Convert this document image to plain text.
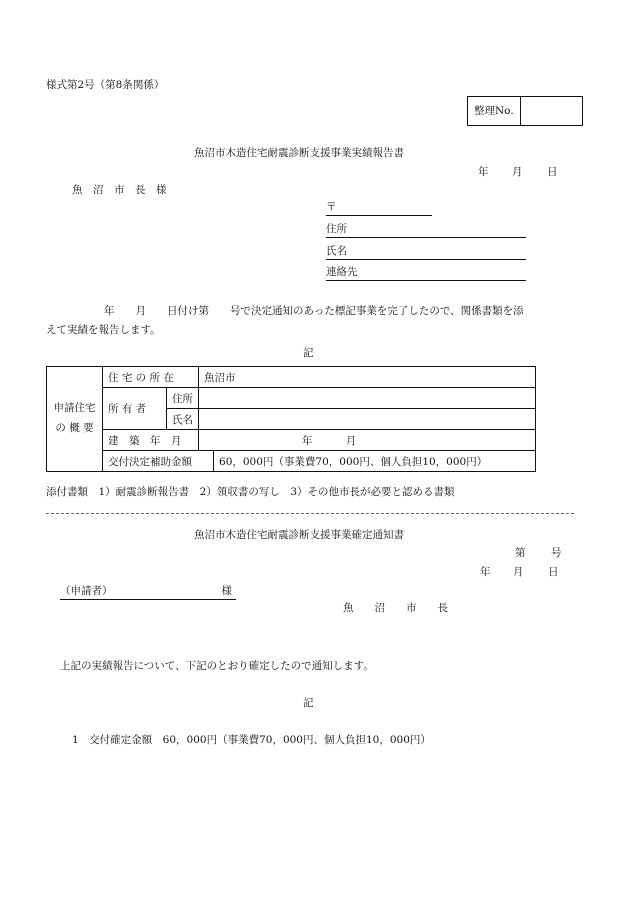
様式第2号（第8条関係）
整理No.
魚沼市木造住宅耐震診断支援事業実績報告書
年 月 日
魚　沼　市　長　様
〒
住所
氏名
連絡先
年　　月　　日付け第　　号で決定通知のあった標記事業を完了したので、関係書類を添
えて実績を報告します。
記
申請住宅
の 概 要	住 宅 の 所 在		魚沼市	
	所 有 者	住所		
		氏名		
	建　築　年　月		年 月	
	交付決定補助金額			60，000円（事業費70，000円、個人負担10，000円）
添付書類　1）耐震診断報告書　2）領収書の写し　3）その他市長が必要と認める書類
魚沼市木造住宅耐震診断支援事業確定通知書
第 号
年 月 日
（申請者）	様
魚　　沼　　市　　長
上記の実績報告について、下記のとおり確定したので通知します。
記
1　交付確定金額　60，000円（事業費70，000円、個人負担10，000円）
